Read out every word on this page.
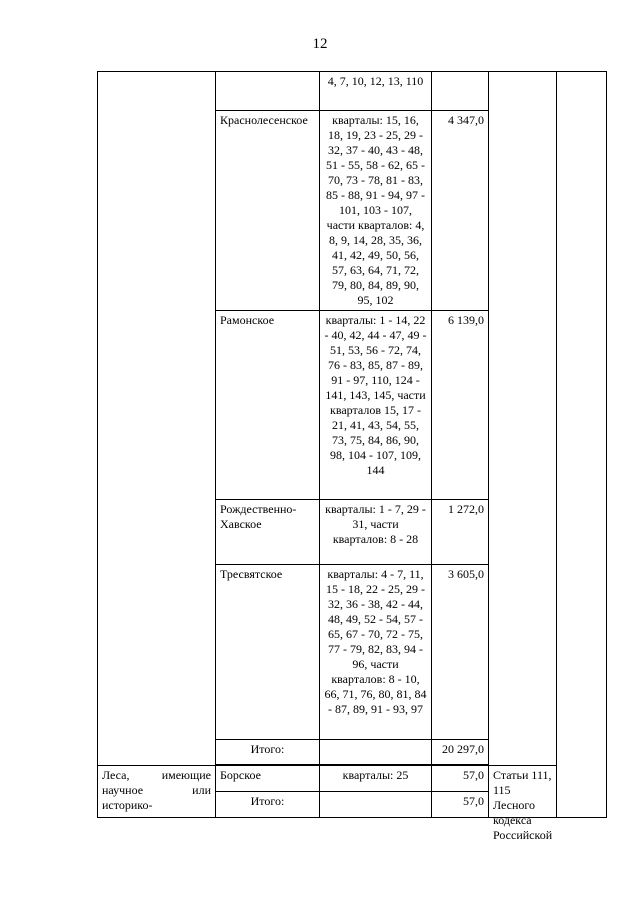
12
		4, 7, 10, 12, 13, 110			
	Краснолесенское	кварталы: 15, 16, 18, 19, 23 - 25, 29 - 32, 37 - 40, 43 - 48, 51 - 55, 58 - 62, 65 - 70, 73 - 78, 81 - 83, 85 - 88, 91 - 94, 97 - 101, 103 - 107, части кварталов: 4, 8, 9, 14, 28, 35, 36, 41, 42, 49, 50, 56, 57, 63, 64, 71, 72, 79, 80, 84, 89, 90, 95, 102	4 347,0		
	Рамонское	кварталы: 1 - 14, 22 - 40, 42, 44 - 47, 49 - 51, 53, 56 - 72, 74, 76 - 83, 85, 87 - 89, 91 - 97, 110, 124 - 141, 143, 145, части кварталов 15, 17 - 21, 41, 43, 54, 55, 73, 75, 84, 86, 90, 98, 104 - 107, 109, 144	6 139,0		
	Рождественно-Хавское	кварталы: 1 - 7, 29 - 31, части кварталов: 8 - 28	1 272,0		
	Тресвятское	кварталы: 4 - 7, 11, 15 - 18, 22 - 25, 29 - 32, 36 - 38, 42 - 44, 48, 49, 52 - 54, 57 - 65, 67 - 70, 72 - 75, 77 - 79, 82, 83, 94 - 96, части кварталов: 8 - 10, 66, 71, 76, 80, 81, 84 - 87, 89, 91 - 93, 97	3 605,0		
	Итого:		20 297,0		

Леса, имеющие научное или историко-	Борское	кварталы: 25	57,0	Статьи 111, 115 Лесного кодекса Российской	

	Итого:		57,0		
